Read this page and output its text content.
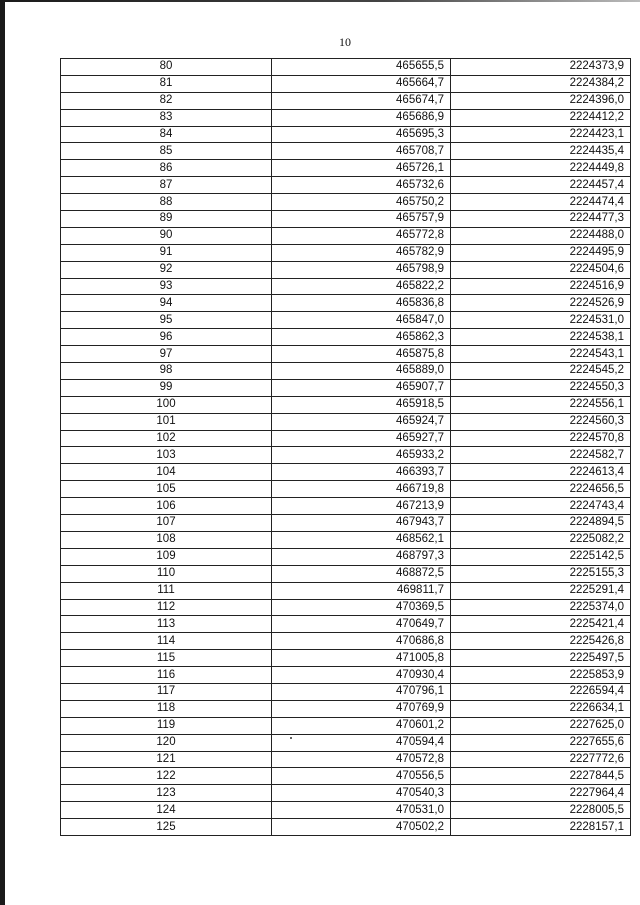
10
80	465655,5	2224373,9
81	465664,7	2224384,2
82	465674,7	2224396,0
83	465686,9	2224412,2
84	465695,3	2224423,1
85	465708,7	2224435,4
86	465726,1	2224449,8
87	465732,6	2224457,4
88	465750,2	2224474,4
89	465757,9	2224477,3
90	465772,8	2224488,0
91	465782,9	2224495,9
92	465798,9	2224504,6
93	465822,2	2224516,9
94	465836,8	2224526,9
95	465847,0	2224531,0
96	465862,3	2224538,1
97	465875,8	2224543,1
98	465889,0	2224545,2
99	465907,7	2224550,3
100	465918,5	2224556,1
101	465924,7	2224560,3
102	465927,7	2224570,8
103	465933,2	2224582,7
104	466393,7	2224613,4
105	466719,8	2224656,5
106	467213,9	2224743,4
107	467943,7	2224894,5
108	468562,1	2225082,2
109	468797,3	2225142,5
110	468872,5	2225155,3
111	469811,7	2225291,4
112	470369,5	2225374,0
113	470649,7	2225421,4
114	470686,8	2225426,8
115	471005,8	2225497,5
116	470930,4	2225853,9
117	470796,1	2226594,4
118	470769,9	2226634,1
119	470601,2	2227625,0
120	470594,4	2227655,6
121	470572,8	2227772,6
122	470556,5	2227844,5
123	470540,3	2227964,4
124	470531,0	2228005,5
125	470502,2	2228157,1
